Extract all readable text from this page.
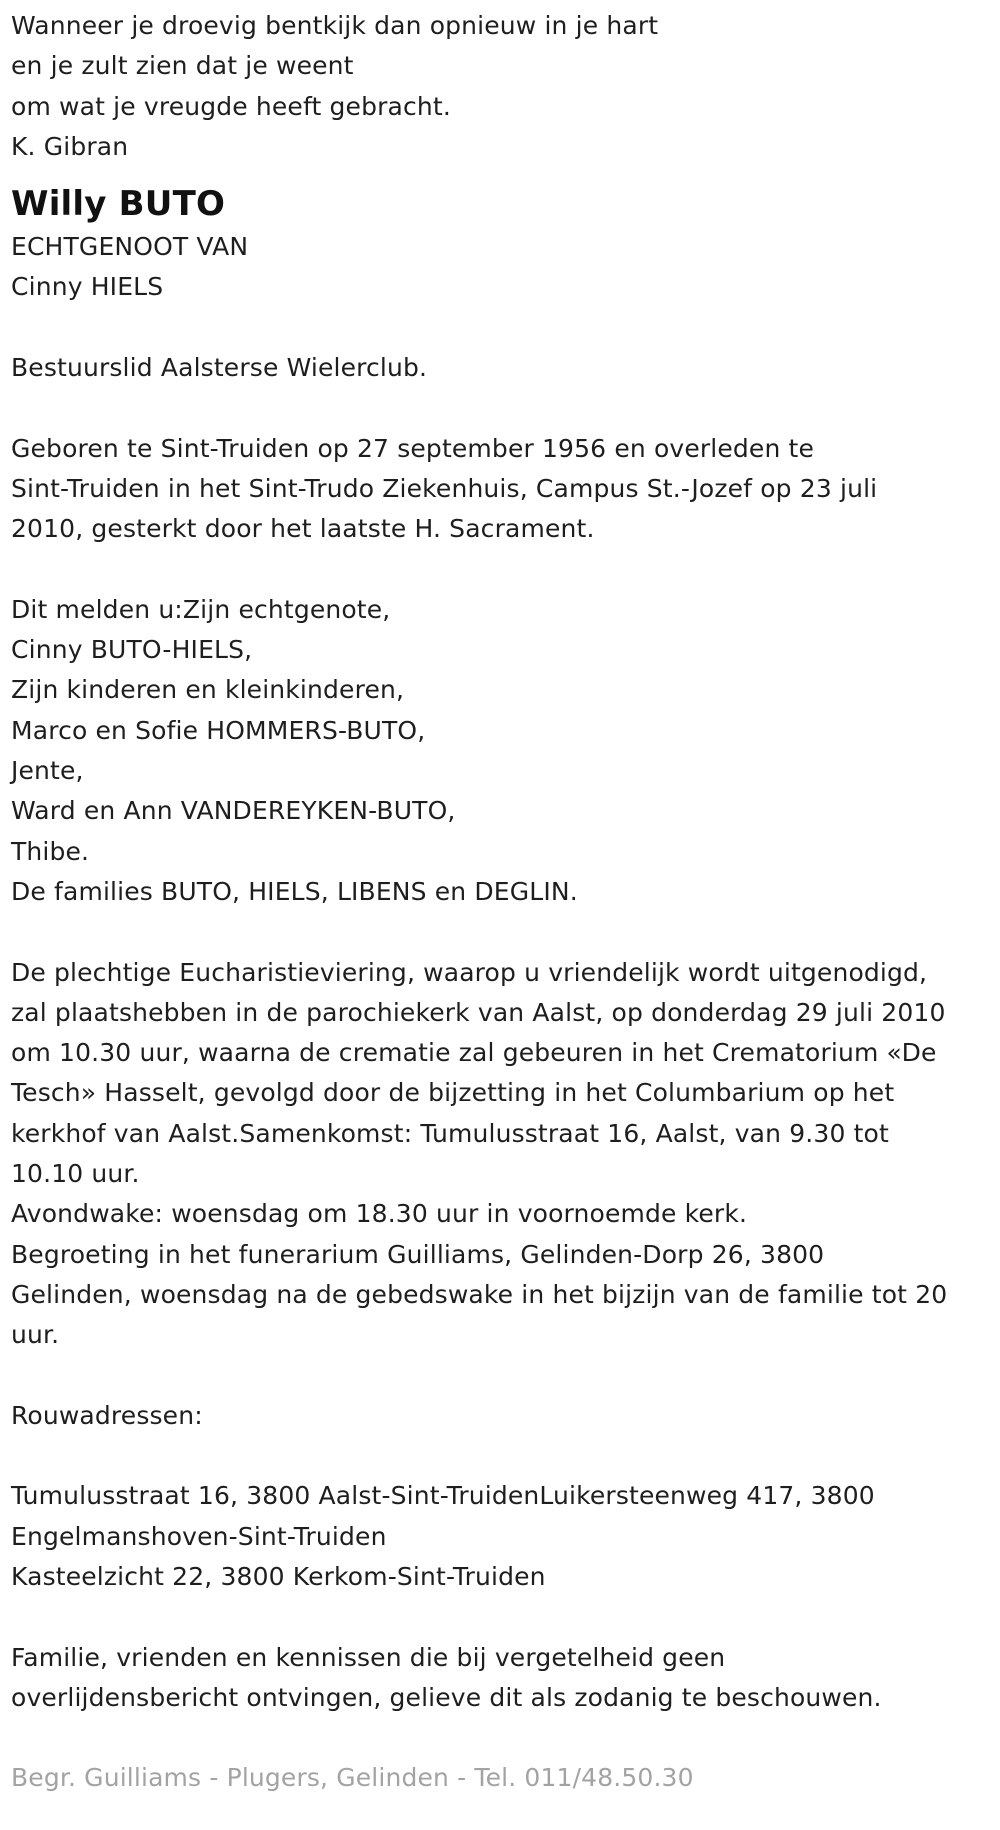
Wanneer je droevig bentkijk dan opnieuw in je hart
en je zult zien dat je weent
om wat je vreugde heeft gebracht.
K. Gibran
Willy BUTO
ECHTGENOOT VAN
Cinny HIELS
Bestuurslid Aalsterse Wielerclub.
Geboren te Sint-Truiden op 27 september 1956 en overleden te
Sint-Truiden in het Sint-Trudo Ziekenhuis, Campus St.-Jozef op 23 juli
2010, gesterkt door het laatste H. Sacrament.
Dit melden u:Zijn echtgenote,
Cinny BUTO-HIELS,
Zijn kinderen en kleinkinderen,
Marco en Sofie HOMMERS-BUTO,
Jente,
Ward en Ann VANDEREYKEN-BUTO,
Thibe.
De families BUTO, HIELS, LIBENS en DEGLIN.
De plechtige Eucharistieviering, waarop u vriendelijk wordt uitgenodigd,
zal plaatshebben in de parochiekerk van Aalst, op donderdag 29 juli 2010
om 10.30 uur, waarna de crematie zal gebeuren in het Crematorium «De
Tesch» Hasselt, gevolgd door de bijzetting in het Columbarium op het
kerkhof van Aalst.Samenkomst: Tumulusstraat 16, Aalst, van 9.30 tot
10.10 uur.
Avondwake: woensdag om 18.30 uur in voornoemde kerk.
Begroeting in het funerarium Guilliams, Gelinden-Dorp 26, 3800
Gelinden, woensdag na de gebedswake in het bijzijn van de familie tot 20
uur.
Rouwadressen:
Tumulusstraat 16, 3800 Aalst-Sint-TruidenLuikersteenweg 417, 3800
Engelmanshoven-Sint-Truiden
Kasteelzicht 22, 3800 Kerkom-Sint-Truiden
Familie, vrienden en kennissen die bij vergetelheid geen
overlijdensbericht ontvingen, gelieve dit als zodanig te beschouwen.
Begr. Guilliams - Plugers, Gelinden - Tel. 011/48.50.30
